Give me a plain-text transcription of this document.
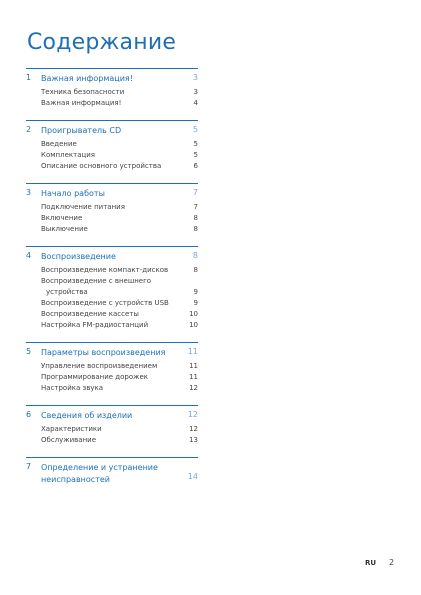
Содержание
1 Важная информация!	3
Техника безопасности	3
Важная информация!	4
2 Проигрыватель CD	5
Введение	5
Комплектация	5
Описание основного устройства	6
3 Начало работы	7
Подключение питания	7
Включение	8
Выключение	8
4 Воспроизведение	8
Воспроизведение компакт-дисков	8
Воспроизведение с внешнего
устройства	9
Воспроизведение с устройств USB	9
Воспроизведение кассеты	10
Настройка FM-радиостанций	10
5 Параметры воспроизведения	11
Управление воспроизведением	11
Программирование дорожек	11
Настройка звука	12
6 Сведения об изделии	12
Характеристики	12
Обслуживание	13
7 Определение и устранение неисправностей	14
RU 2
